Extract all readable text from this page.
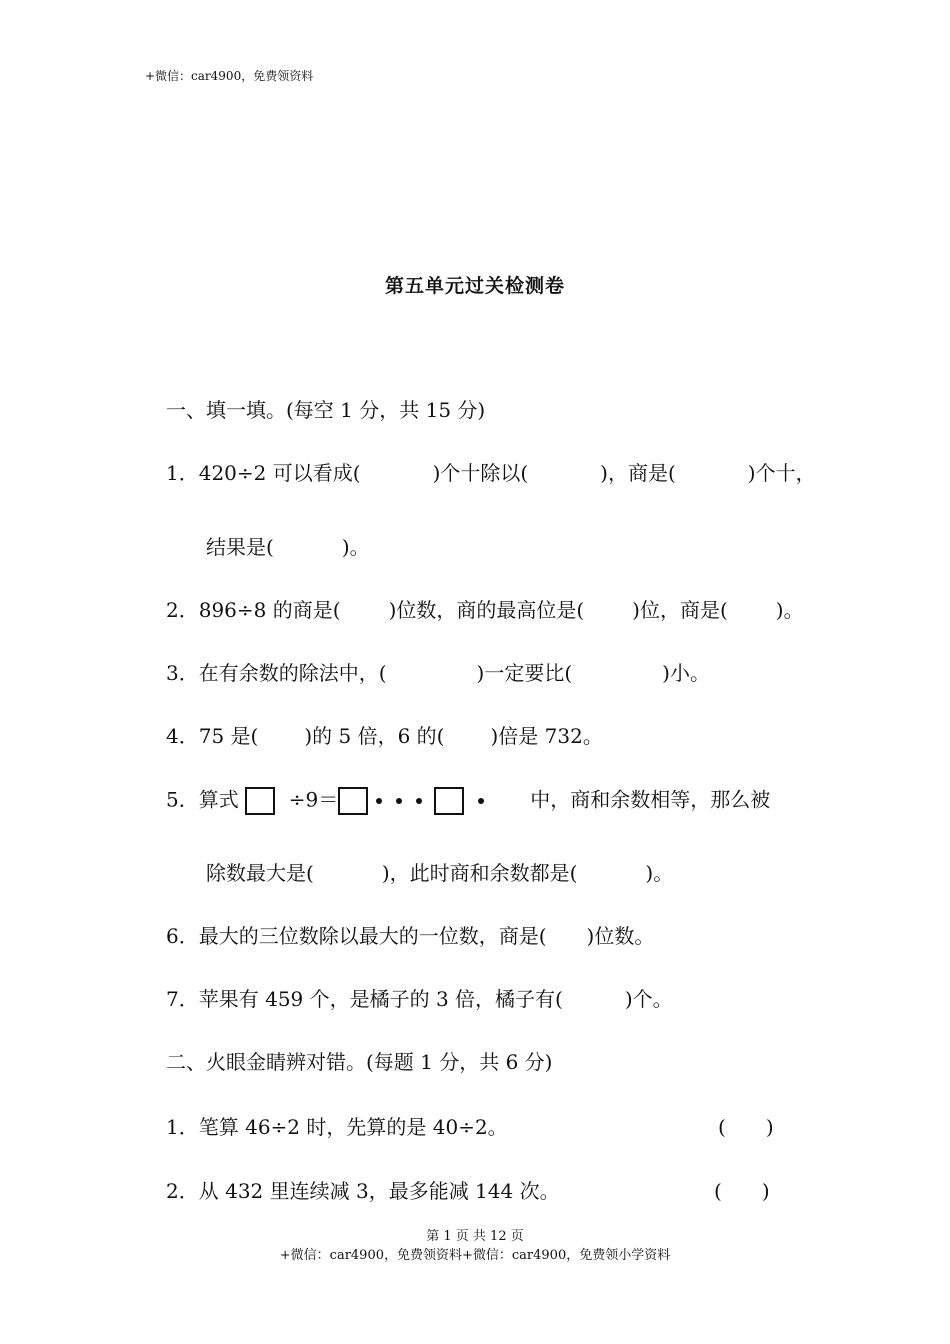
+微信：car4900，免费领资料
第五单元过关检测卷
一、填一填。(每空 1 分，共 15 分)
1．420÷2 可以看成(	)个十除以(	)，商是(	)个十，
结果是(	)。
2．896÷8 的商是( )位数，商的最高位是( )位，商是( )。
3．在有余数的除法中，(	)一定要比(	)小。
4．75 是( )的 5 倍，6 的( )倍是 732。
5．算式	÷9＝	中，商和余数相等，那么被
除数最大是(	)，此时商和余数都是(	)。
6．最大的三位数除以最大的一位数，商是( )位数。
7．苹果有 459 个，是橘子的 3 倍，橘子有(	)个。
二、火眼金睛辨对错。(每题 1 分，共 6 分)
1．笔算 46÷2 时，先算的是 40÷2。	( )
2．从 432 里连续减 3，最多能减 144 次。	( )
第 1 页 共 12 页
+微信：car4900，免费领资料+微信：car4900，免费领小学资料
